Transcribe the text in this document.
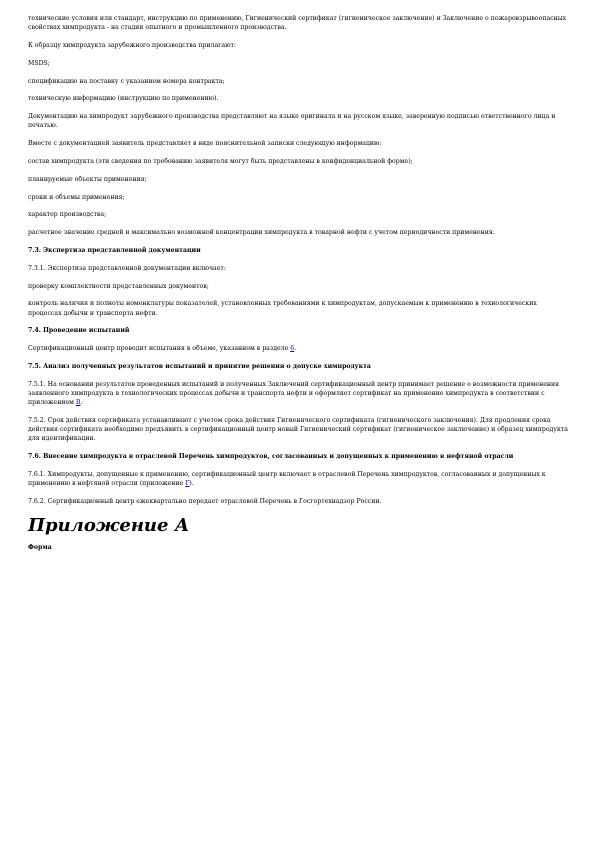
технические условия или стандарт, инструкцию по применению, Гигиенический сертификат (гигиеническое заключение) и Заключение о пожаровзрывоопасных свойствах химпродукта - на стадии опытного и промышленного производства.

К образцу химпродукта зарубежного производства прилагают:

MSDS;

спецификацию на поставку с указанием номера контракта;

техническую информацию (инструкцию по применению).

Документацию на химпродукт зарубежного производства представляют на языке оригинала и на русском языке, заверенную подписью ответственного лица и печатью.

Вместе с документацией заявитель представляет в виде пояснительной записки следующую информацию:

состав химпродукта (эти сведения по требованию заявителя могут быть представлены в конфиденциальной форме);

планируемые объекты применения;

сроки и объемы применения;

характер производства;

расчетное значение средней и максимально возможной концентрации химпродукта в товарной нефти с учетом периодичности применения.

7.3. Экспертиза представленной документации

7.3.1. Экспертиза представленной документации включает:

проверку комплектности представленных документов;

контроль наличия и полноты номенклатуры показателей, установленных требованиями к химпродуктам, допускаемым к применению в технологических процессах добычи и транспорта нефти.

7.4. Проведение испытаний

Сертификационный центр проводит испытания в объеме, указанном в разделе 6.

7.5. Анализ полученных результатов испытаний и принятие решения о допуске химпродукта

7.5.1. На основании результатов проведенных испытаний и полученных Заключений сертификационный центр принимает решение о возможности применения заявленного химпродукта в технологических процессах добычи и транспорта нефти и оформляет сертификат на применение химпродукта в соответствии с приложением В.

7.5.2. Срок действия сертификата устанавливают с учетом срока действия Гигиенического сертификата (гигиенического заключения). Для продления срока действия сертификата необходимо предъявить в сертификационный центр новый Гигиенический сертификат (гигиеническое заключение) и образец химпродукта для идентификации.

7.6. Внесение химпродукта в отраслевой Перечень химпродуктов, согласованных и допущенных к применению в нефтяной отрасли

7.6.1. Химпродукты, допущенные к применению, сертификационный центр включает в отраслевой Перечень химпродуктов, согласованных и допущенных к применению в нефтяной отрасли (приложение Г).

7.6.2. Сертификационный центр ежеквартально передает отраслевой Перечень в Госгортехнадзор России.

Приложение А
Форма
